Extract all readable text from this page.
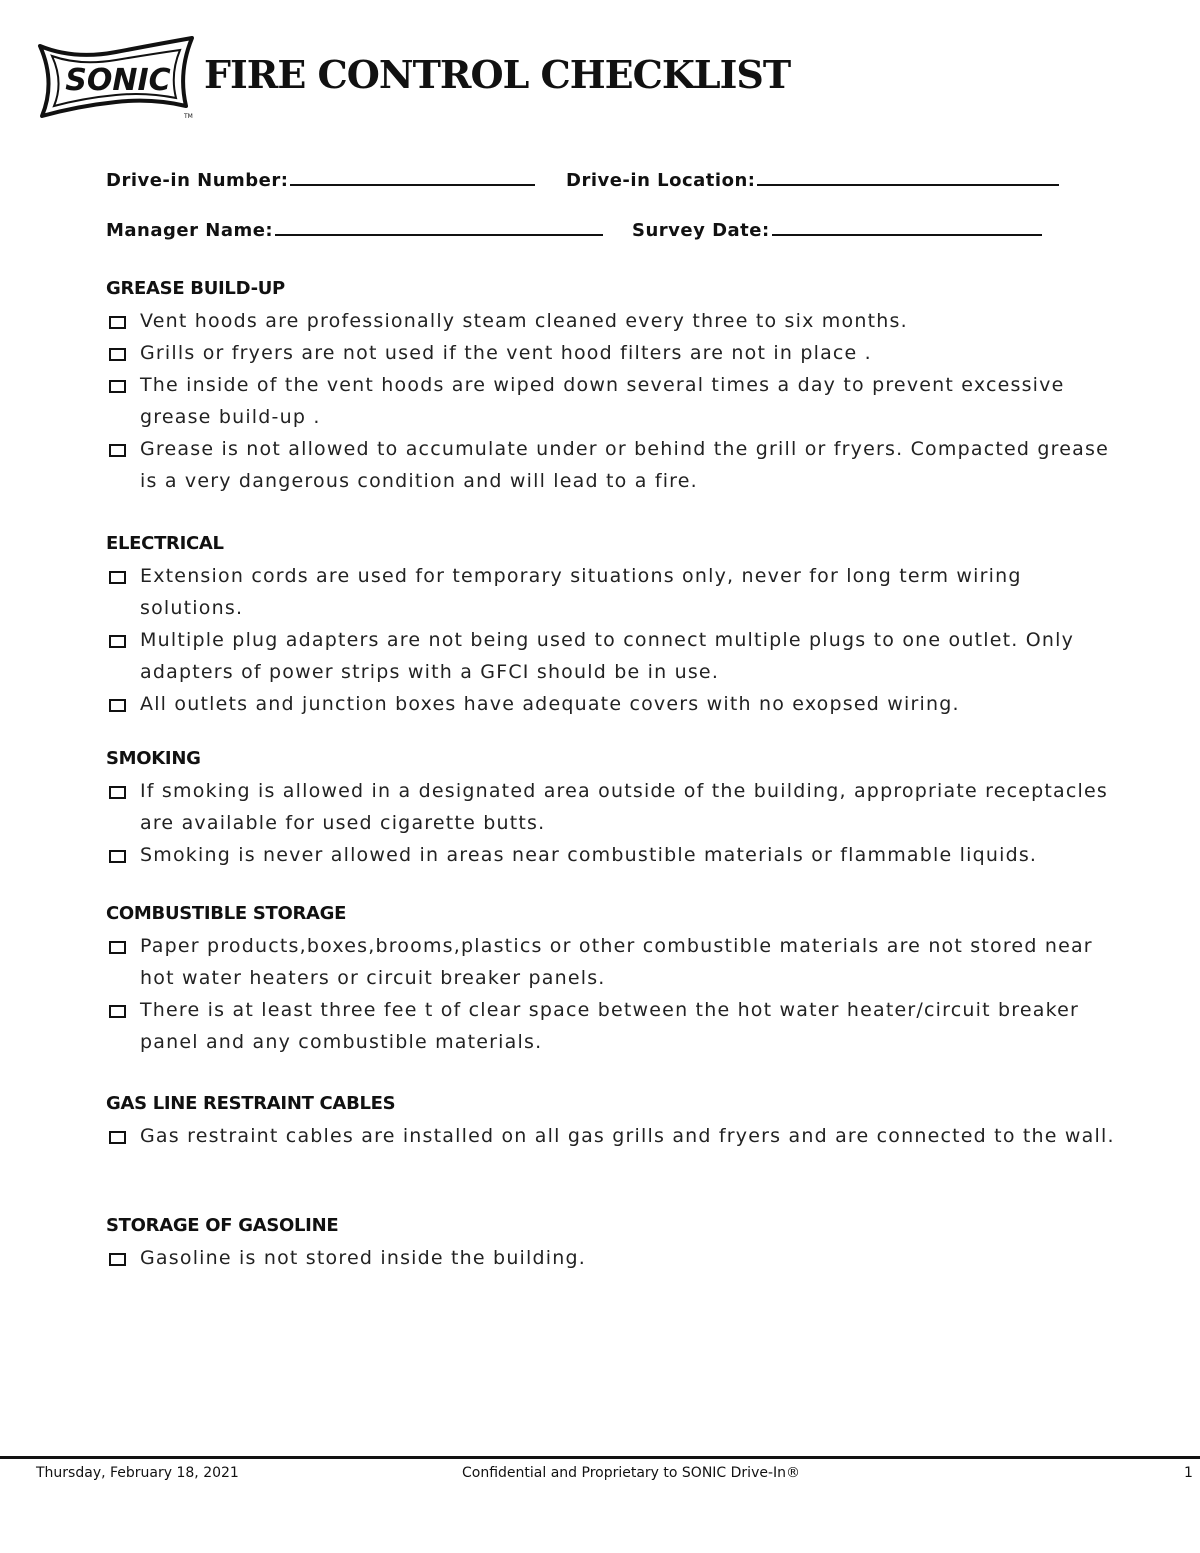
SONIC
TM
FIRE CONTROL CHECKLIST
Drive-in Number:	Drive-in Location:
Manager Name:	Survey Date:
GREASE BUILD-UP
Vent hoods are professionally steam cleaned every three to six months.
Grills or fryers are not used if the vent hood filters are not in place .
The inside of the vent hoods are wiped down several times a day to prevent excessive grease build-up .
Grease is not allowed to accumulate under or behind the grill or fryers. Compacted grease is a very dangerous condition and will lead to a fire.
ELECTRICAL
Extension cords are used for temporary situations only, never for long term wiring solutions.
Multiple plug adapters are not being used to connect multiple plugs to one outlet. Only adapters of power strips with a GFCI should be in use.
All outlets and junction boxes have adequate covers with no exopsed wiring.
SMOKING
If smoking is allowed in a designated area outside of the building, appropriate receptacles are available for used cigarette butts.
Smoking is never allowed in areas near combustible materials or flammable liquids.
COMBUSTIBLE STORAGE
Paper products,boxes,brooms,plastics or other combustible materials are not stored near hot water heaters or circuit breaker panels.
There is at least three fee t of clear space between the hot water heater/circuit breaker panel and any combustible materials.
GAS LINE RESTRAINT CABLES
Gas restraint cables are installed on all gas grills and fryers and are connected to the wall.
STORAGE OF GASOLINE
Gasoline is not stored inside the building.
Thursday, February 18, 2021	Confidential and Proprietary to SONIC Drive-In®	1
